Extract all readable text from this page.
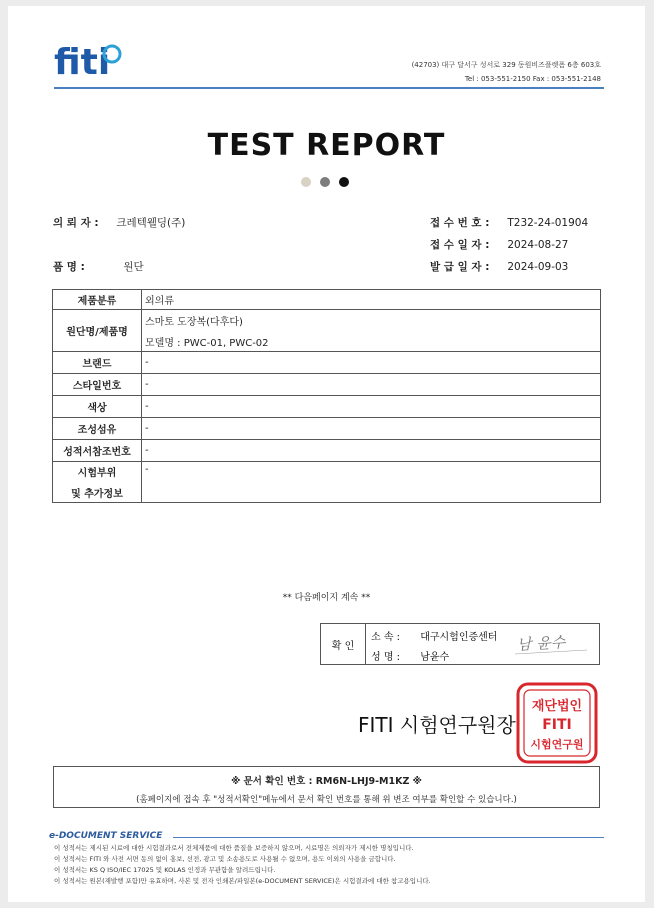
fiti	(42703) 대구 달서구 성서로 329 동원비즈플렛폼 6층 603호
Tel : 053-551-2150 Fax : 053-551-2148
TEST REPORT
의 뢰 자 : 크레텍웰딩(주)
품 명 :	원단
접 수 번 호 : T232-24-01904
접 수 일 자 : 2024-08-27
발 급 일 자 : 2024-09-03
제품분류	외의류
원단명/제품명	스마토 도장복(다후다)
모델명 : PWC-01, PWC-02

브랜드	-
스타일번호	-
색상	-
조성섬유	-
성적서참조번호	-

시험부위
및 추가정보	-
** 다음페이지 계속 **
확 인
소 속 : 대구시험인증센터
성 명 : 남윤수
남 윤수
FITI 시험연구원장
재단법인
FITI
시험연구원
※ 문서 확인 번호 : RM6N-LHJ9-M1KZ ※
(홈페이지에 접속 후 "성적서확인"메뉴에서 문서 확인 번호를 통해 위 변조 여부를 확인할 수 있습니다.)
e-DOCUMENT SERVICE
이 성적서는 제시된 시료에 대한 시험결과로서 전체제품에 대한 품질을 보증하지 않으며, 시료명은 의뢰자가 제시한 명칭입니다.
이 성적서는 FITI 와 사전 서면 동의 없이 홍보, 선전, 광고 및 소송용도로 사용될 수 없으며, 용도 이외의 사용을 금합니다.
이 성적서는 KS Q ISO/IEC 17025 및 KOLAS 인정과 무관함을 알려드립니다.
이 성적서는 원본(재발행 포함)만 유효하며, 사본 및 전자 인쇄본/파일본(e-DOCUMENT SERVICE)은 시험결과에 대한 참고용입니다.
